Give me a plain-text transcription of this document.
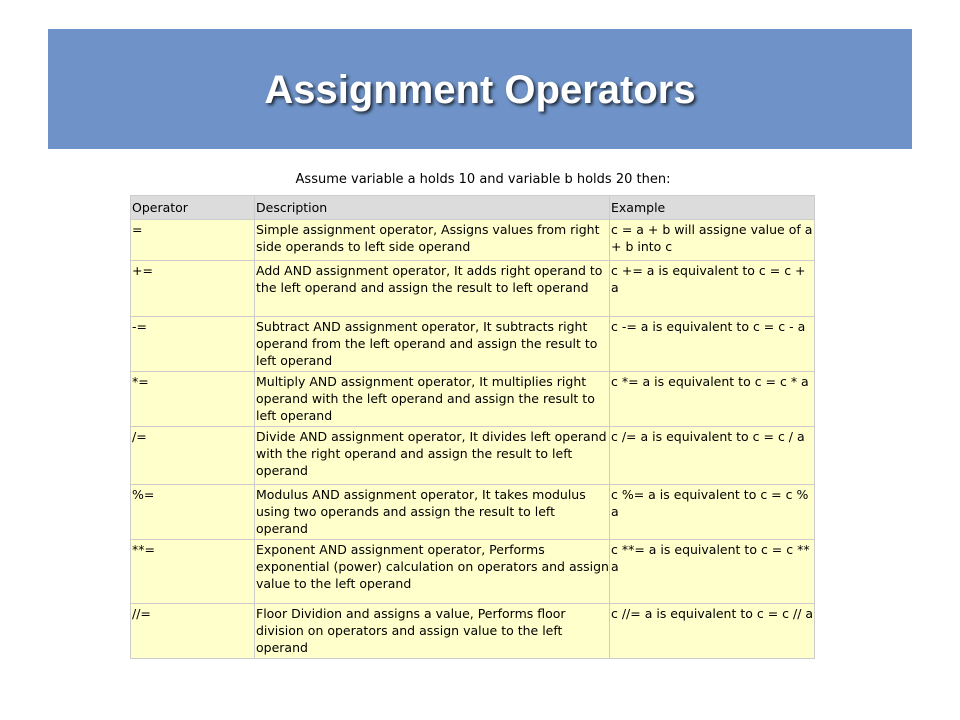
Assignment Operators
Assume variable a holds 10 and variable b holds 20 then:
Operator	Description	Example
=	Simple assignment operator, Assigns values from right side operands to left side operand	c = a + b will assigne value of a + b into c
+=	Add AND assignment operator, It adds right operand to the left operand and assign the result to left operand	c += a is equivalent to c = c + a
-=	Subtract AND assignment operator, It subtracts right operand from the left operand and assign the result to left operand	c -= a is equivalent to c = c - a
*=	Multiply AND assignment operator, It multiplies right operand with the left operand and assign the result to left operand	c *= a is equivalent to c = c * a
/=	Divide AND assignment operator, It divides left operand with the right operand and assign the result to left operand	c /= a is equivalent to c = c / a
%=	Modulus AND assignment operator, It takes modulus using two operands and assign the result to left operand	c %= a is equivalent to c = c % a
**=	Exponent AND assignment operator, Performs exponential (power) calculation on operators and assign value to the left operand	c **= a is equivalent to c = c ** a
//=	Floor Dividion and assigns a value, Performs floor division on operators and assign value to the left operand	c //= a is equivalent to c = c // a
